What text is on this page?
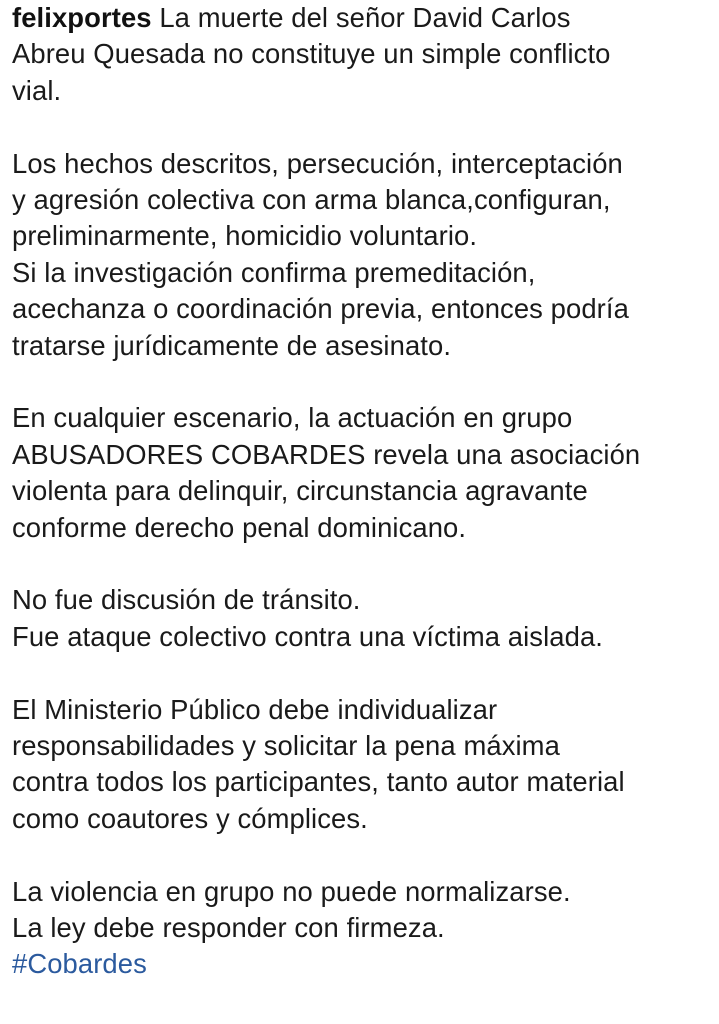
felixportes La muerte del señor David Carlos
Abreu Quesada no constituye un simple conflicto
vial.
Los hechos descritos, persecución, interceptación
y agresión colectiva con arma blanca,configuran,
preliminarmente, homicidio voluntario.
Si la investigación confirma premeditación,
acechanza o coordinación previa, entonces podría
tratarse jurídicamente de asesinato.
En cualquier escenario, la actuación en grupo
ABUSADORES COBARDES revela una asociación
violenta para delinquir, circunstancia agravante
conforme derecho penal dominicano.
No fue discusión de tránsito.
Fue ataque colectivo contra una víctima aislada.
El Ministerio Público debe individualizar
responsabilidades y solicitar la pena máxima
contra todos los participantes, tanto autor material
como coautores y cómplices.
La violencia en grupo no puede normalizarse.
La ley debe responder con firmeza.
#Cobardes
